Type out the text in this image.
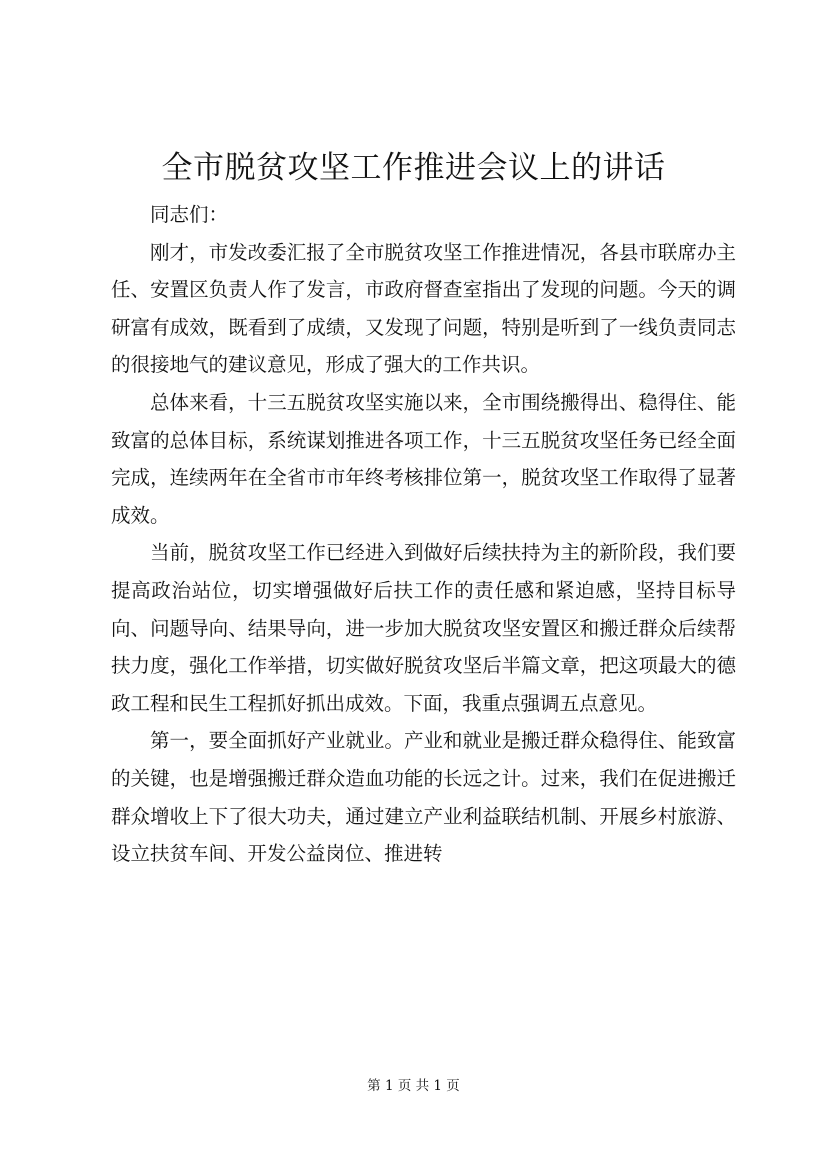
全市脱贫攻坚工作推进会议上的讲话

同志们：

刚才，市发改委汇报了全市脱贫攻坚工作推进情况，各县市联席办主任、安置区负责人作了发言，市政府督查室指出了发现的问题。今天的调研富有成效，既看到了成绩，又发现了问题，特别是听到了一线负责同志的很接地气的建议意见，形成了强大的工作共识。

总体来看，十三五脱贫攻坚实施以来，全市围绕搬得出、稳得住、能致富的总体目标，系统谋划推进各项工作，十三五脱贫攻坚任务已经全面完成，连续两年在全省市市年终考核排位第一，脱贫攻坚工作取得了显著成效。

当前，脱贫攻坚工作已经进入到做好后续扶持为主的新阶段，我们要提高政治站位，切实增强做好后扶工作的责任感和紧迫感，坚持目标导向、问题导向、结果导向，进一步加大脱贫攻坚安置区和搬迁群众后续帮扶力度，强化工作举措，切实做好脱贫攻坚后半篇文章，把这项最大的德政工程和民生工程抓好抓出成效。下面，我重点强调五点意见。

第一，要全面抓好产业就业。产业和就业是搬迁群众稳得住、能致富的关键，也是增强搬迁群众造血功能的长远之计。过来，我们在促进搬迁群众增收上下了很大功夫，通过建立产业利益联结机制、开展乡村旅游、设立扶贫车间、开发公益岗位、推进转

第 1 页 共 1 页
